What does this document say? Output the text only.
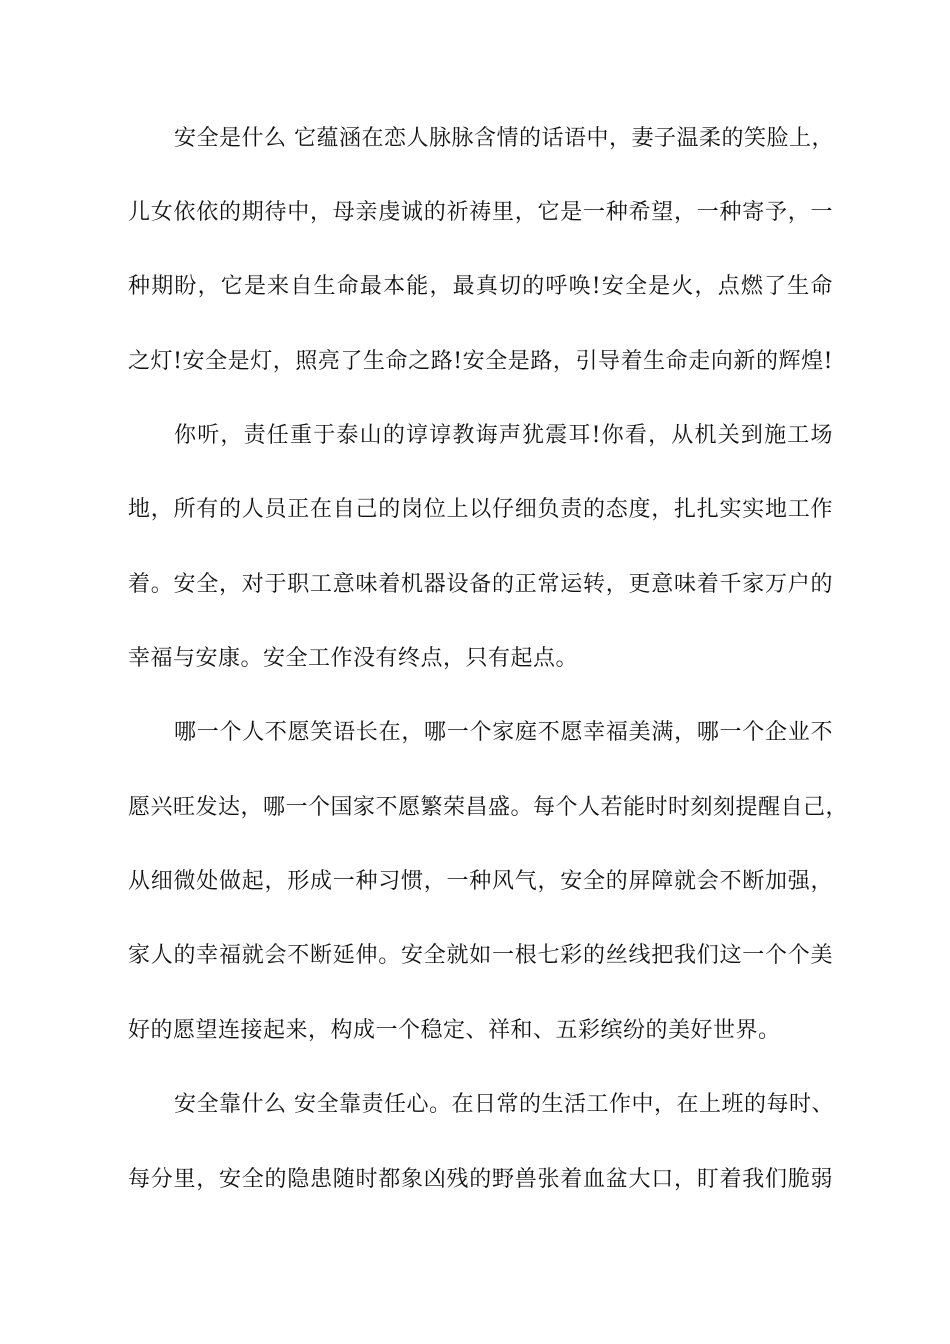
安全是什么 它蕴涵在恋人脉脉含情的话语中，妻子温柔的笑脸上，
儿女依依的期待中，母亲虔诚的祈祷里，它是一种希望，一种寄予，一
种期盼，它是来自生命最本能，最真切的呼唤!安全是火，点燃了生命
之灯!安全是灯，照亮了生命之路!安全是路，引导着生命走向新的辉煌!
你听，责任重于泰山的谆谆教诲声犹震耳!你看，从机关到施工场
地，所有的人员正在自己的岗位上以仔细负责的态度，扎扎实实地工作
着。安全，对于职工意味着机器设备的正常运转，更意味着千家万户的
幸福与安康。安全工作没有终点，只有起点。
哪一个人不愿笑语长在，哪一个家庭不愿幸福美满，哪一个企业不
愿兴旺发达，哪一个国家不愿繁荣昌盛。每个人若能时时刻刻提醒自己，
从细微处做起，形成一种习惯，一种风气，安全的屏障就会不断加强，
家人的幸福就会不断延伸。安全就如一根七彩的丝线把我们这一个个美
好的愿望连接起来，构成一个稳定、祥和、五彩缤纷的美好世界。
安全靠什么 安全靠责任心。在日常的生活工作中，在上班的每时、
每分里，安全的隐患随时都象凶残的野兽张着血盆大口，盯着我们脆弱
